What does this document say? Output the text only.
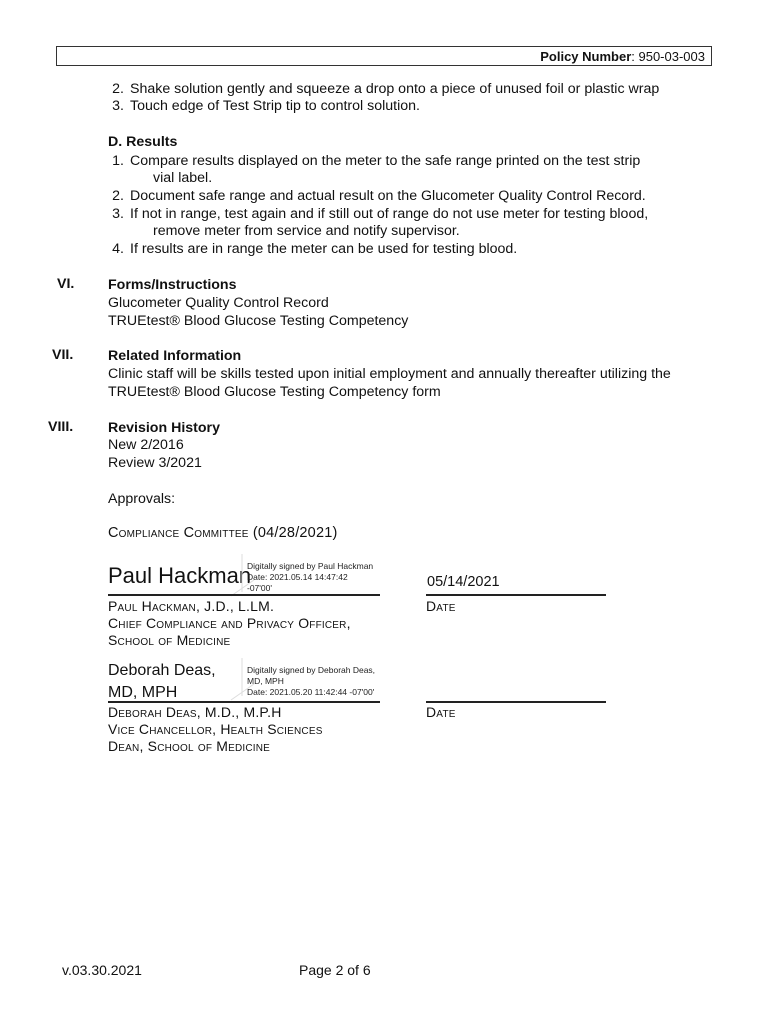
Policy Number: 950-03-003
2. Shake solution gently and squeeze a drop onto a piece of unused foil or plastic wrap
3. Touch edge of Test Strip tip to control solution.
D. Results
1. Compare results displayed on the meter to the safe range printed on the test strip
vial label.
2. Document safe range and actual result on the Glucometer Quality Control Record.
3. If not in range, test again and if still out of range do not use meter for testing blood,
remove meter from service and notify supervisor.
4. If results are in range the meter can be used for testing blood.
VI. Forms/Instructions
Glucometer Quality Control Record
TRUEtest® Blood Glucose Testing Competency
VII. Related Information
Clinic staff will be skills tested upon initial employment and annually thereafter utilizing the
TRUEtest® Blood Glucose Testing Competency form
VIII. Revision History
New 2/2016
Review 3/2021
Approvals:
Compliance Committee (04/28/2021)
Paul Hackman
Digitally signed by Paul Hackman
Date: 2021.05.14 14:47:42
-07'00'	05/14/2021
Paul Hackman, J.D., L.LM.
Chief Compliance and Privacy Officer,
School of Medicine
Date
Deborah Deas,
MD, MPH
Digitally signed by Deborah Deas,
MD, MPH
Date: 2021.05.20 11:42:44 -07'00'
Deborah Deas, M.D., M.P.H
Vice Chancellor, Health Sciences
Dean, School of Medicine
Date
v.03.30.2021	Page 2 of 6
